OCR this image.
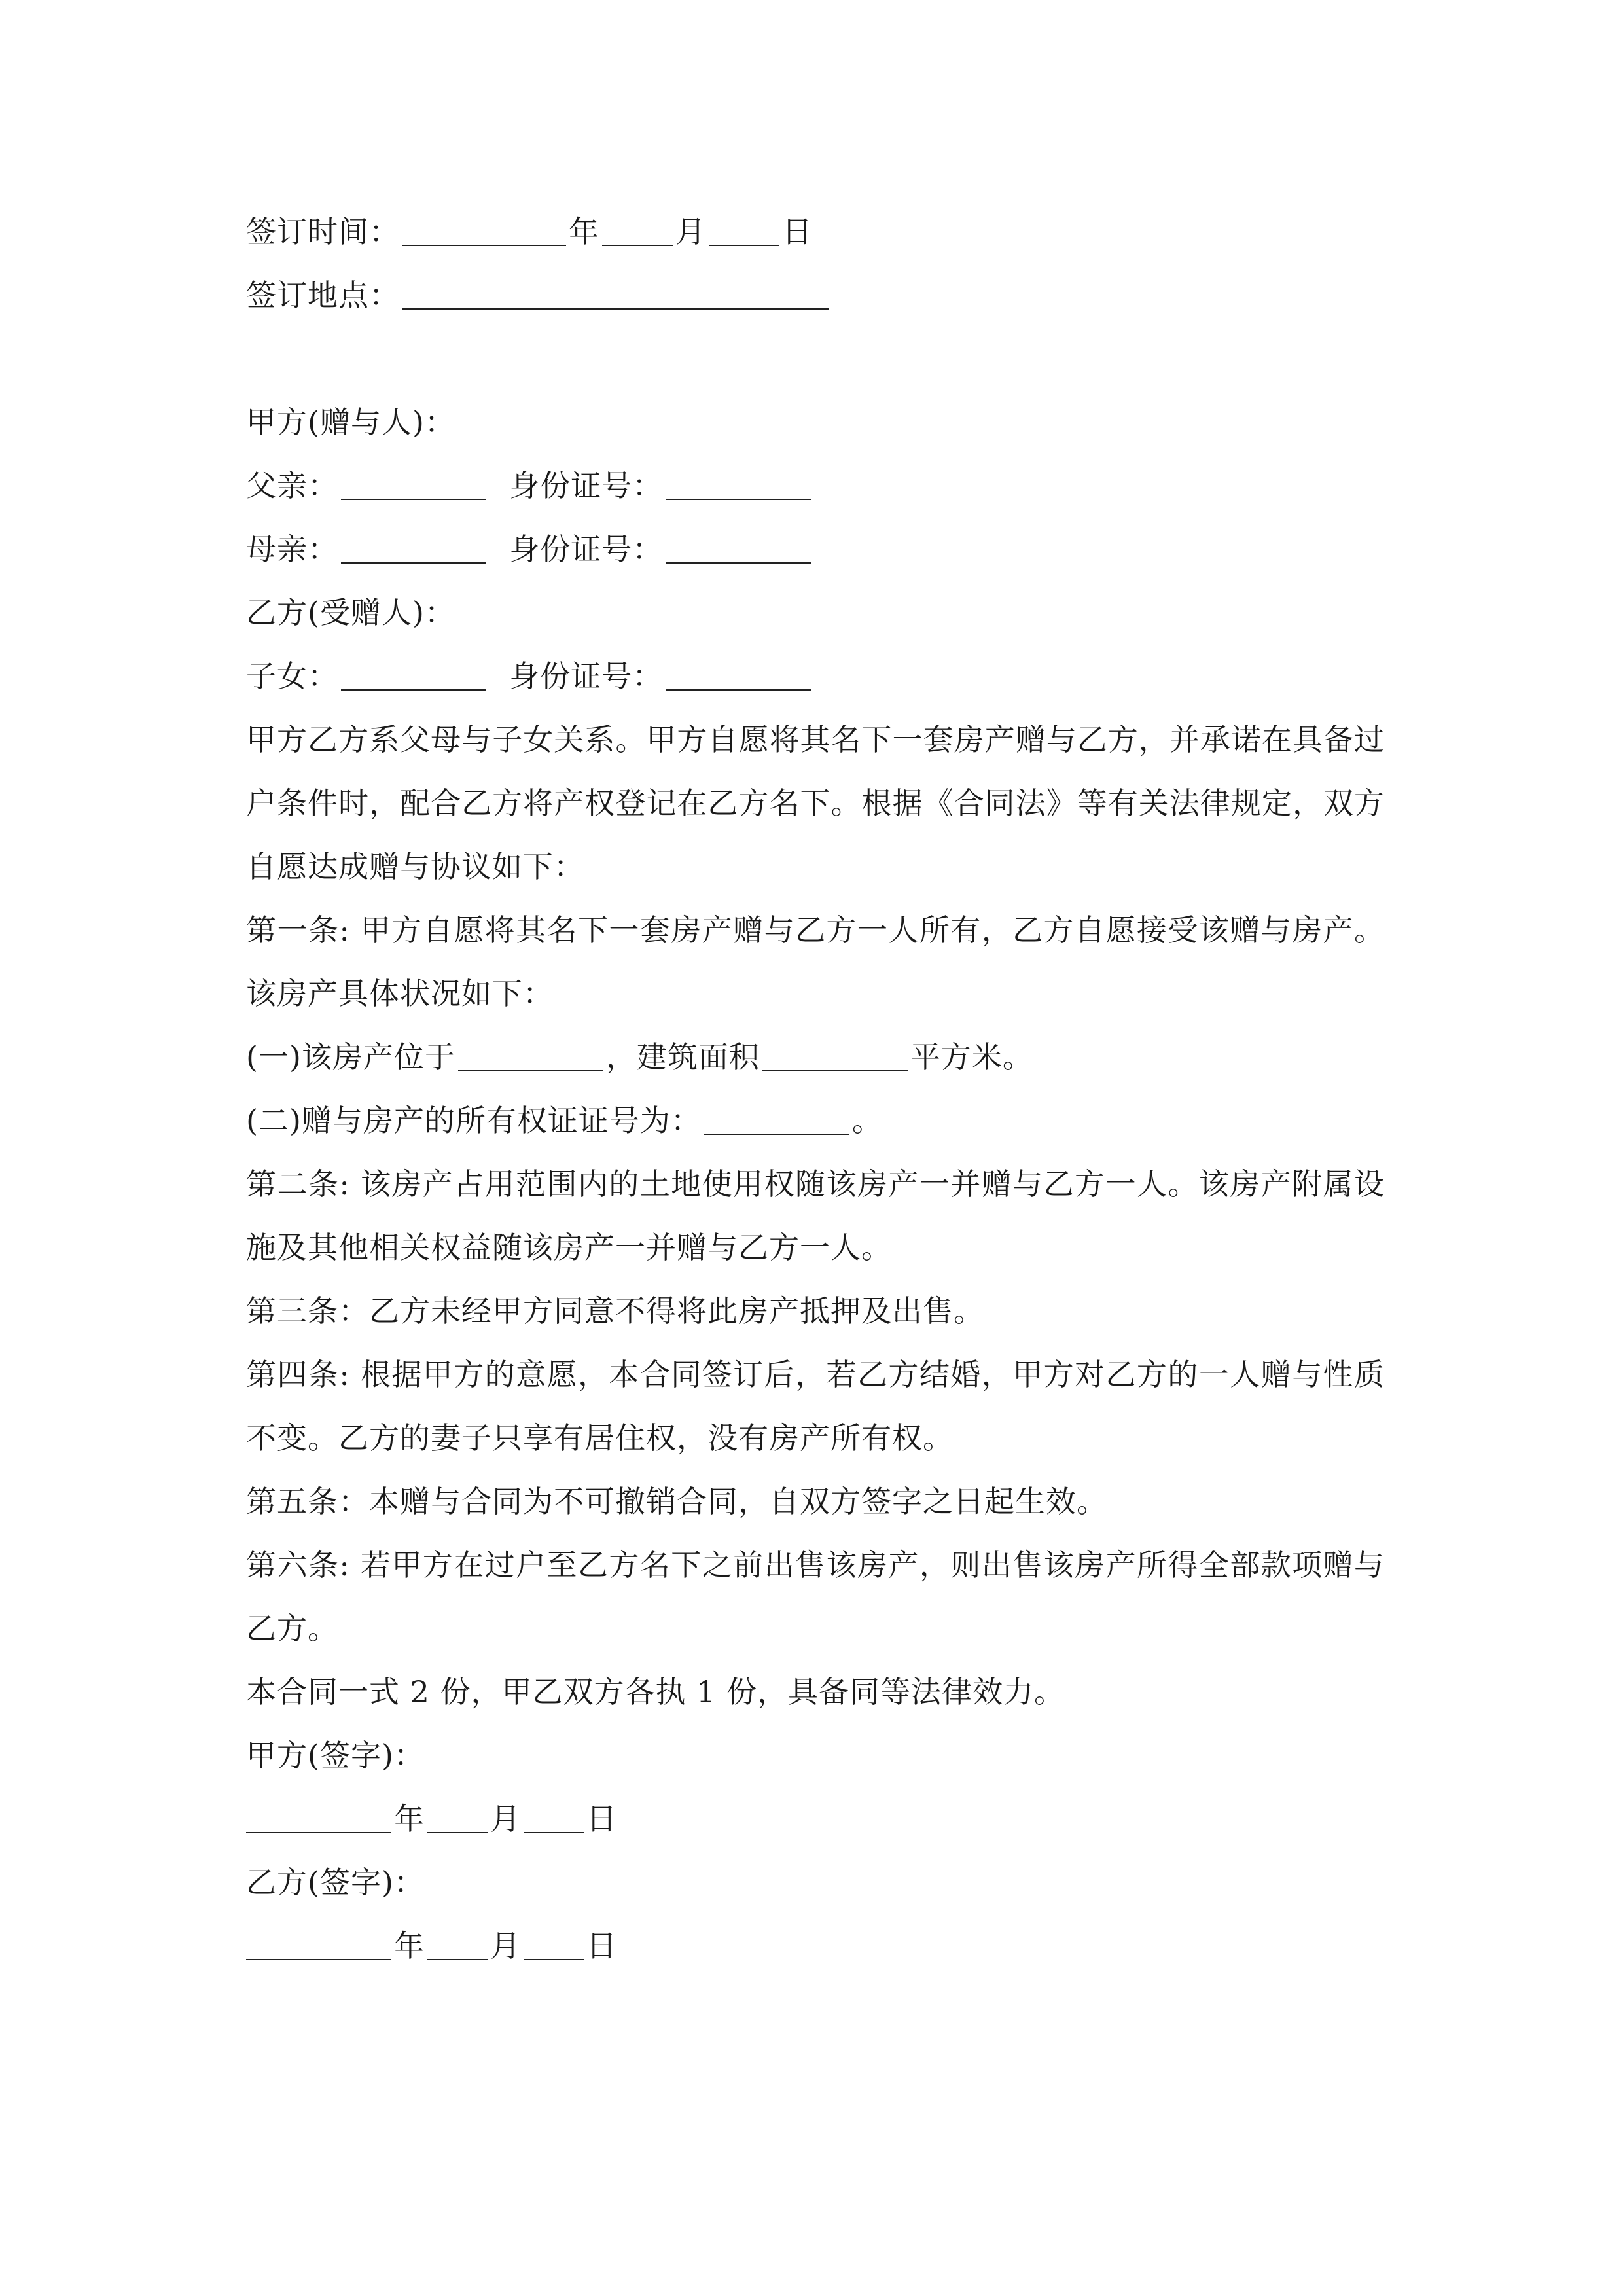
签订时间：	年	月	日
签订地点：
甲方(赠与人)：
父亲：	身份证号：
母亲：	身份证号：
乙方(受赠人)：
子女：	身份证号：
甲方乙方系父母与子女关系。甲方自愿将其名下一套房产赠与乙方，并承诺在具备过户条件时，配合乙方将产权登记在乙方名下。根据《合同法》等有关法律规定，双方自愿达成赠与协议如下：
第一条: 甲方自愿将其名下一套房产赠与乙方一人所有，乙方自愿接受该赠与房产。该房产具体状况如下：
(一)该房产位于	，建筑面积	平方米。
(二)赠与房产的所有权证证号为：	。
第二条: 该房产占用范围内的土地使用权随该房产一并赠与乙方一人。该房产附属设施及其他相关权益随该房产一并赠与乙方一人。
第三条：乙方未经甲方同意不得将此房产抵押及出售。
第四条: 根据甲方的意愿，本合同签订后，若乙方结婚，甲方对乙方的一人赠与性质不变。乙方的妻子只享有居住权，没有房产所有权。
第五条：本赠与合同为不可撤销合同，自双方签字之日起生效。
第六条: 若甲方在过户至乙方名下之前出售该房产，则出售该房产所得全部款项赠与乙方。
本合同一式 2 份，甲乙双方各执 1 份，具备同等法律效力。
甲方(签字)：
年 月 日
乙方(签字)：
年 月 日
